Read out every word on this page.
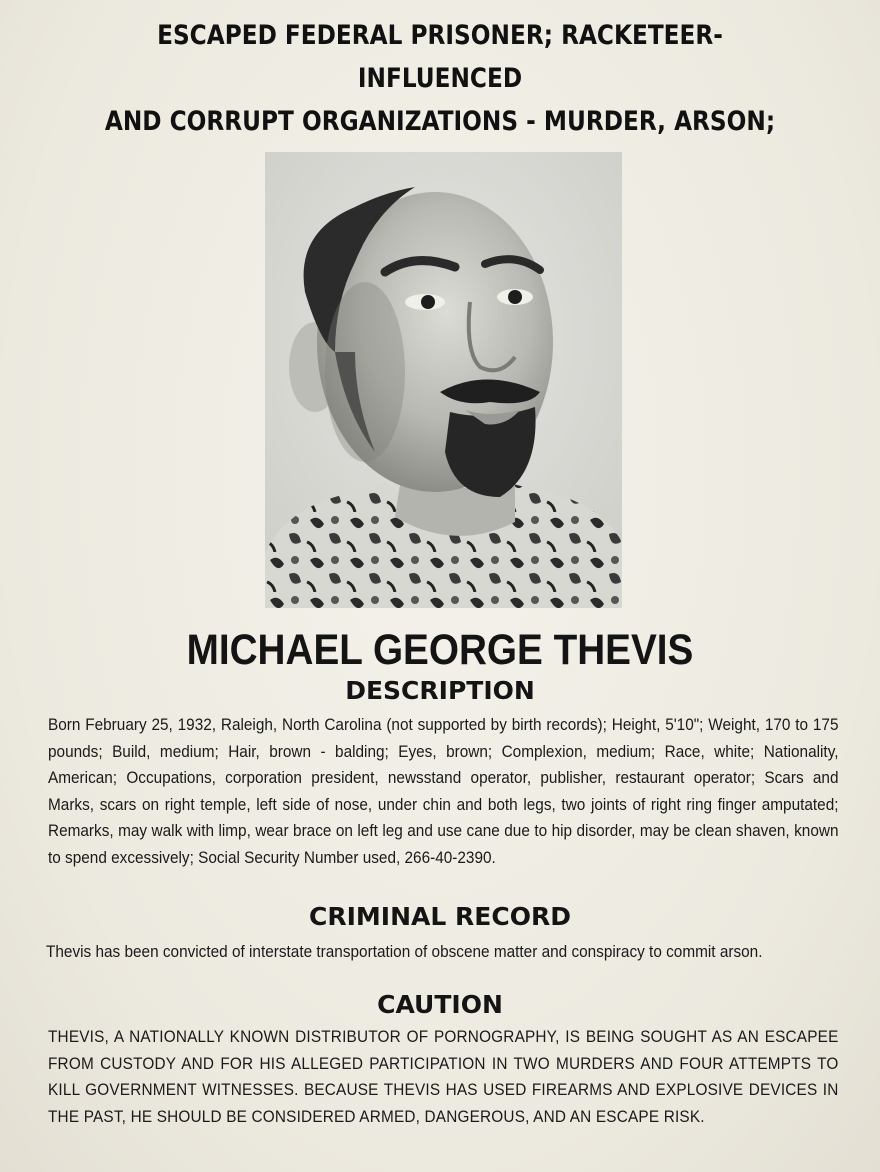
ESCAPED FEDERAL PRISONER; RACKETEER-INFLUENCED
AND CORRUPT ORGANIZATIONS - MURDER, ARSON;

MICHAEL GEORGE THEVIS
DESCRIPTION

Born February 25, 1932, Raleigh, North Carolina (not supported by birth records); Height, 5'10"; Weight, 170 to 175 pounds; Build, medium; Hair, brown - balding; Eyes, brown; Complexion, medium; Race, white; Nationality, American; Occupations, corporation president, newsstand operator, publisher, restaurant operator; Scars and Marks, scars on right temple, left side of nose, under chin and both legs, two joints of right ring finger amputated; Remarks, may walk with limp, wear brace on left leg and use cane due to hip disorder, may be clean shaven, known to spend excessively; Social Security Number used, 266-40-2390.

CRIMINAL RECORD

Thevis has been convicted of interstate transportation of obscene matter and conspiracy to commit arson.

CAUTION

THEVIS, A NATIONALLY KNOWN DISTRIBUTOR OF PORNOGRAPHY, IS BEING SOUGHT AS AN ESCAPEE FROM CUSTODY AND FOR HIS ALLEGED PARTICIPATION IN TWO MURDERS AND FOUR ATTEMPTS TO KILL GOVERNMENT WITNESSES. BECAUSE THEVIS HAS USED FIREARMS AND EXPLOSIVE DEVICES IN THE PAST, HE SHOULD BE CONSIDERED ARMED, DANGEROUS, AND AN ESCAPE RISK.
